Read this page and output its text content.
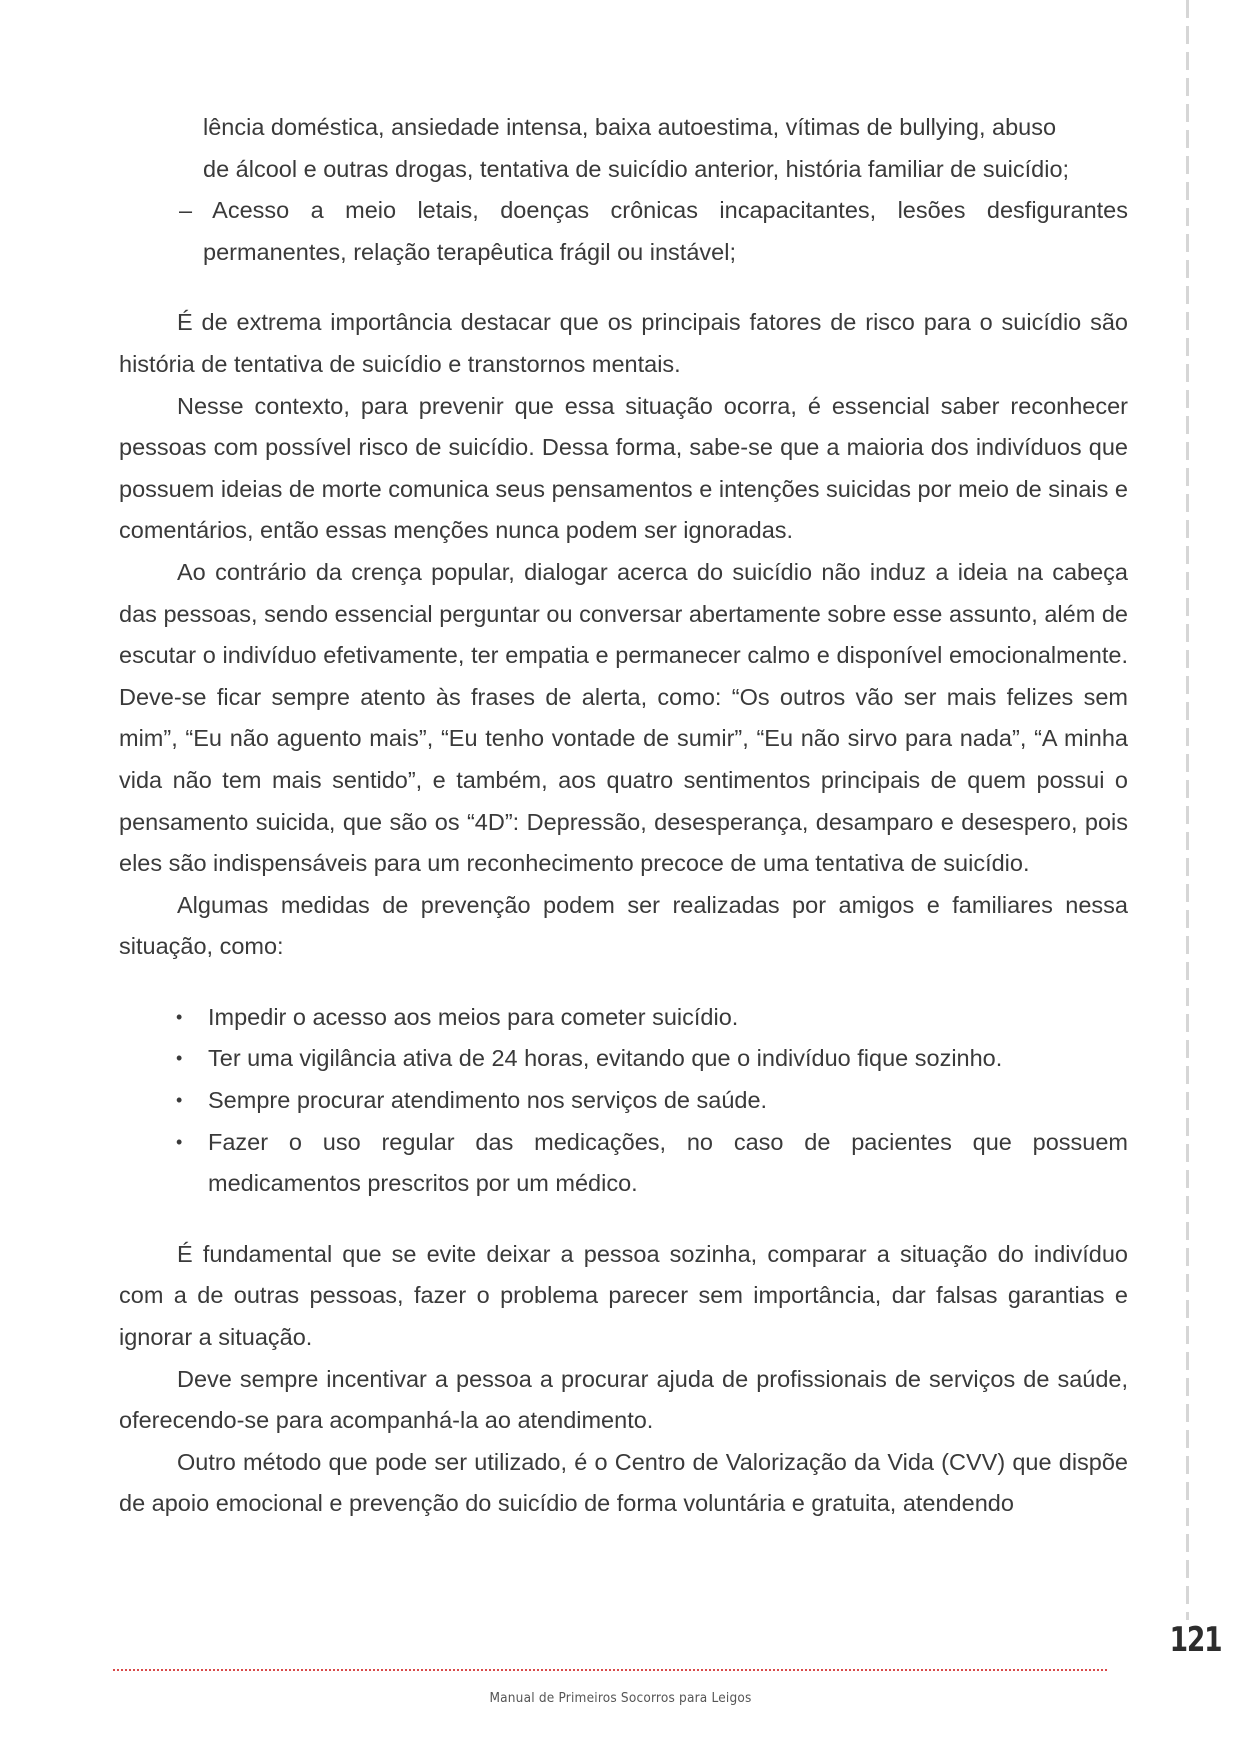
lência doméstica, ansiedade intensa, baixa autoestima, vítimas de bullying, abuso

de álcool e outras drogas, tentativa de suicídio anterior, história familiar de suicídio;

– Acesso a meio letais, doenças crônicas incapacitantes, lesões desfigurantes permanentes, relação terapêutica frágil ou instável;

É de extrema importância destacar que os principais fatores de risco para o suicídio são história de tentativa de suicídio e transtornos mentais.

Nesse contexto, para prevenir que essa situação ocorra, é essencial saber reconhecer pessoas com possível risco de suicídio. Dessa forma, sabe-se que a maioria dos indivíduos que possuem ideias de morte comunica seus pensamentos e intenções suicidas por meio de sinais e comentários, então essas menções nunca podem ser ignoradas.

Ao contrário da crença popular, dialogar acerca do suicídio não induz a ideia na cabeça das pessoas, sendo essencial perguntar ou conversar abertamente sobre esse assunto, além de escutar o indivíduo efetivamente, ter empatia e permanecer calmo e disponível emocionalmente. Deve-se ficar sempre atento às frases de alerta, como: “Os outros vão ser mais felizes sem mim”, “Eu não aguento mais”, “Eu tenho vontade de sumir”, “Eu não sirvo para nada”, “A minha vida não tem mais sentido”, e também, aos quatro sentimentos principais de quem possui o pensamento suicida, que são os “4D”: Depressão, desesperança, desamparo e desespero, pois eles são indispensáveis para um reconhecimento precoce de uma tentativa de suicídio.

Algumas medidas de prevenção podem ser realizadas por amigos e familiares nessa situação, como:

• Impedir o acesso aos meios para cometer suicídio.
• Ter uma vigilância ativa de 24 horas, evitando que o indivíduo fique sozinho.
• Sempre procurar atendimento nos serviços de saúde.
• Fazer o uso regular das medicações, no caso de pacientes que possuem medicamentos prescritos por um médico.

É fundamental que se evite deixar a pessoa sozinha, comparar a situação do indivíduo com a de outras pessoas, fazer o problema parecer sem importância, dar falsas garantias e ignorar a situação.

Deve sempre incentivar a pessoa a procurar ajuda de profissionais de serviços de saúde, oferecendo-se para acompanhá-la ao atendimento.

Outro método que pode ser utilizado, é o Centro de Valorização da Vida (CVV) que dispõe de apoio emocional e prevenção do suicídio de forma voluntária e gratuita, atendendo

121
Manual de Primeiros Socorros para Leigos
